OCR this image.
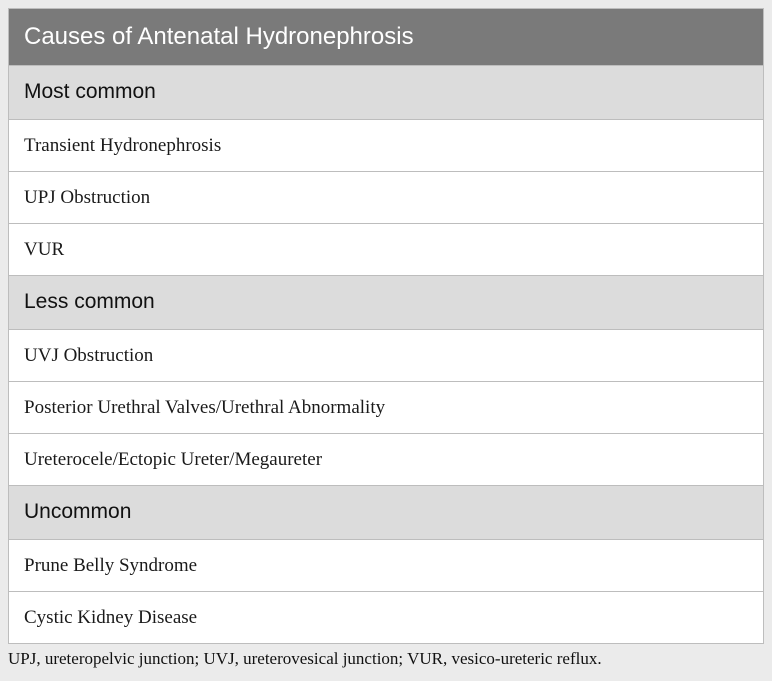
Causes of Antenatal Hydronephrosis
Most common
Transient Hydronephrosis
UPJ Obstruction
VUR
Less common
UVJ Obstruction
Posterior Urethral Valves/Urethral Abnormality
Ureterocele/Ectopic Ureter/Megaureter
Uncommon
Prune Belly Syndrome
Cystic Kidney Disease
UPJ, ureteropelvic junction; UVJ, ureterovesical junction; VUR, vesico-ureteric reflux.
